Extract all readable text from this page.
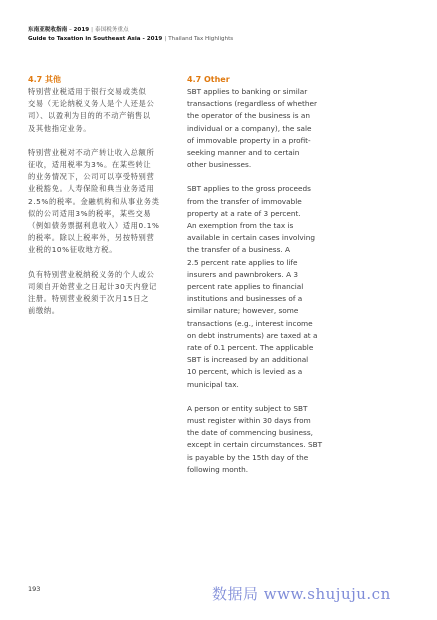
东南亚税收指南 – 2019 | 泰国税务重点
Guide to Taxation in Southeast Asia - 2019 | Thailand Tax Highlights
4.7 其他

特别营业税适用于银行交易或类似
交易（无论纳税义务人是个人还是公
司）、以盈利为目的的不动产销售以
及其他指定业务。

特别营业税对不动产转让收入总额所
征收，适用税率为3%。在某些转让
的业务情况下，公司可以享受特别营
业税豁免。人寿保险和典当业务适用
2.5%的税率。金融机构和从事业务类
似的公司适用3%的税率，某些交易
（例如债务票据利息收入）适用0.1%
的税率。除以上税率外，另按特别营
业税的10%征收地方税。

负有特别营业税纳税义务的个人或公
司须自开始营业之日起计30天内登记
注册。特别营业税须于次月15日之
前缴纳。

4.7 Other

SBT applies to banking or similar
transactions (regardless of whether
the operator of the business is an
individual or a company), the sale
of immovable property in a profit-
seeking manner and to certain
other businesses.

SBT applies to the gross proceeds
from the transfer of immovable
property at a rate of 3 percent.
An exemption from the tax is
available in certain cases involving
the transfer of a business. A
2.5 percent rate applies to life
insurers and pawnbrokers. A 3
percent rate applies to financial
institutions and businesses of a
similar nature; however, some
transactions (e.g., interest income
on debt instruments) are taxed at a
rate of 0.1 percent. The applicable
SBT is increased by an additional
10 percent, which is levied as a
municipal tax.

A person or entity subject to SBT
must register within 30 days from
the date of commencing business,
except in certain circumstances. SBT
is payable by the 15th day of the
following month.

193	数据局 www.shujuju.cn
